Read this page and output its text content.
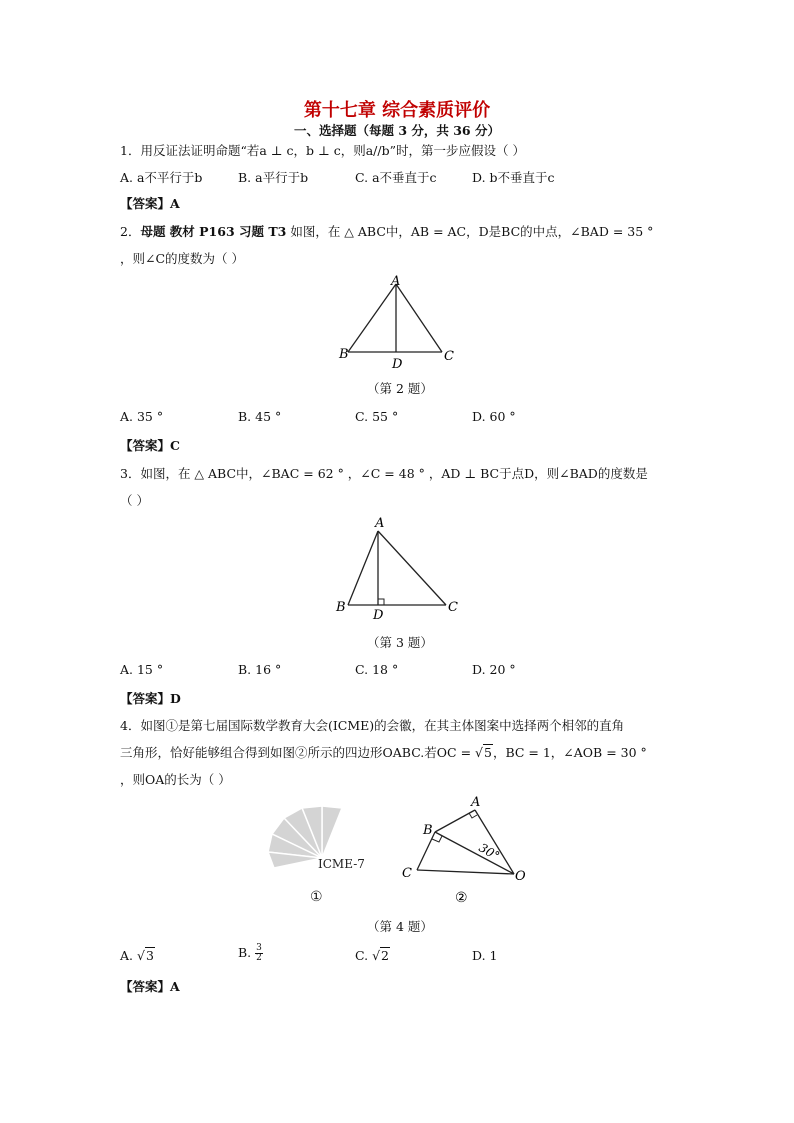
第十七章 综合素质评价
一、选择题（每题 3 分，共 36 分）
1．用反证法证明命题“若a ⊥ c，b ⊥ c，则a//b”时，第一步应假设（ ）
A. a不平行于b	B. a平行于b	C. a不垂直于c	D. b不垂直于c
【答案】A
2．母题 教材 P163 习题 T3 如图，在 △ ABC中，AB = AC，D是BC的中点，∠BAD = 35 °
，则∠C的度数为（ ）
A
B	C
D
（第 2 题）
A. 35 °	B. 45 °	C. 55 °	D. 60 °
【答案】C
3．如图，在 △ ABC中，∠BAC = 62 ° ，∠C = 48 ° ，AD ⊥ BC于点D，则∠BAD的度数是
（ ）
A
B	C
D
（第 3 题）
A. 15 °	B. 16 °	C. 18 °	D. 20 °
【答案】D
4．如图①是第七届国际数学教育大会(ICME)的会徽，在其主体图案中选择两个相邻的直角
三角形，恰好能够组合得到如图②所示的四边形OABC.若OC = √5，BC = 1，∠AOB = 30 °
，则OA的长为（ ）
ICME-7
①
A
B
C	O
30°
②
（第 4 题）
A. √3	B. $\frac{3}{2}$	C. √2	D. 1
【答案】A
